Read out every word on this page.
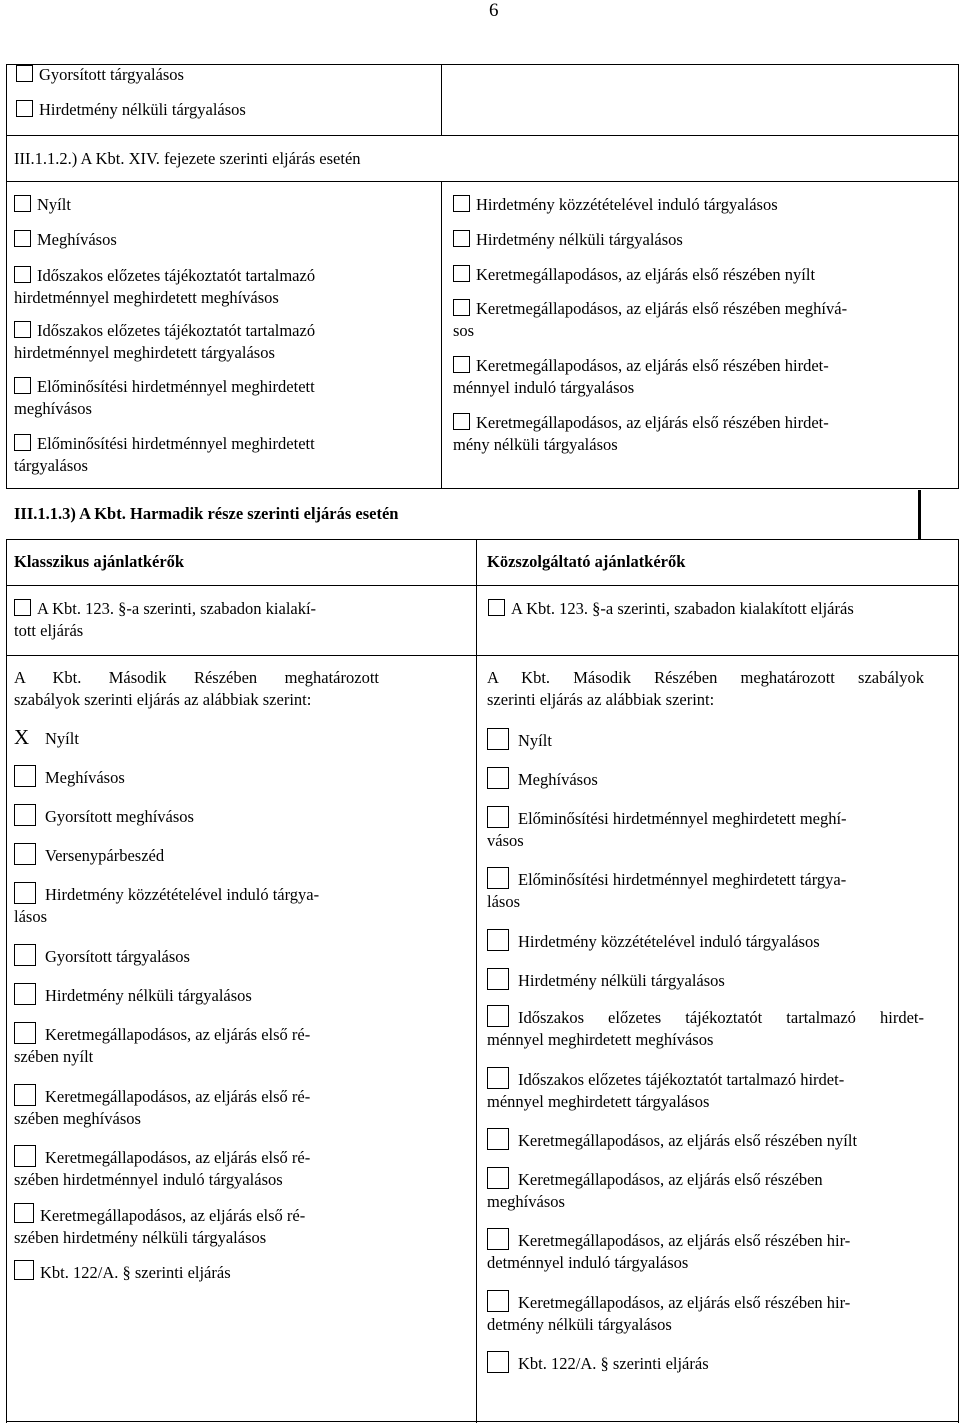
6
Gyorsított tárgyalásos
Hirdetmény nélküli tárgyalásos
III.1.1.2.) A Kbt. XIV. fejezete szerinti eljárás esetén
Nyílt
Meghívásos
Időszakos előzetes tájékoztatót tartalmazó
hirdetménnyel meghirdetett meghívásos
Időszakos előzetes tájékoztatót tartalmazó
hirdetménnyel meghirdetett tárgyalásos
Előminősítési hirdetménnyel meghirdetett
meghívásos
Előminősítési hirdetménnyel meghirdetett
tárgyalásos
Hirdetmény közzétételével induló tárgyalásos
Hirdetmény nélküli tárgyalásos
Keretmegállapodásos, az eljárás első részében nyílt
Keretmegállapodásos, az eljárás első részében meghívá-
sos
Keretmegállapodásos, az eljárás első részében hirdet-
ménnyel induló tárgyalásos
Keretmegállapodásos, az eljárás első részében hirdet-
mény nélküli tárgyalásos
III.1.1.3) A Kbt. Harmadik része szerinti eljárás esetén
Klasszikus ajánlatkérők	Közszolgáltató ajánlatkérők
A Kbt. 123. §-a szerinti, szabadon kialakí-
tott eljárás
A Kbt. 123. §-a szerinti, szabadon kialakított eljárás
A Kbt. Második Részében meghatározott
szabályok szerinti eljárás az alábbiak szerint:
A Kbt. Második Részében meghatározott szabályok
szerinti eljárás az alábbiak szerint:
X Nyílt
Meghívásos
Gyorsított meghívásos
Versenypárbeszéd
Hirdetmény közzétételével induló tárgya-
lásos
Gyorsított tárgyalásos
Hirdetmény nélküli tárgyalásos
Keretmegállapodásos, az eljárás első ré-
szében nyílt
Keretmegállapodásos, az eljárás első ré-
szében meghívásos
Keretmegállapodásos, az eljárás első ré-
szében hirdetménnyel induló tárgyalásos
Keretmegállapodásos, az eljárás első ré-
szében hirdetmény nélküli tárgyalásos
Kbt. 122/A. § szerinti eljárás
Nyílt
Meghívásos
Előminősítési hirdetménnyel meghirdetett meghí-
vásos
Előminősítési hirdetménnyel meghirdetett tárgya-
lásos
Hirdetmény közzétételével induló tárgyalásos
Hirdetmény nélküli tárgyalásos
Időszakos előzetes tájékoztatót tartalmazó hirdet-
ménnyel meghirdetett meghívásos
Időszakos előzetes tájékoztatót tartalmazó hirdet-
ménnyel meghirdetett tárgyalásos
Keretmegállapodásos, az eljárás első részében nyílt
Keretmegállapodásos, az eljárás első részében
meghívásos
Keretmegállapodásos, az eljárás első részében hir-
detménnyel induló tárgyalásos
Keretmegállapodásos, az eljárás első részében hir-
detmény nélküli tárgyalásos
Kbt. 122/A. § szerinti eljárás
